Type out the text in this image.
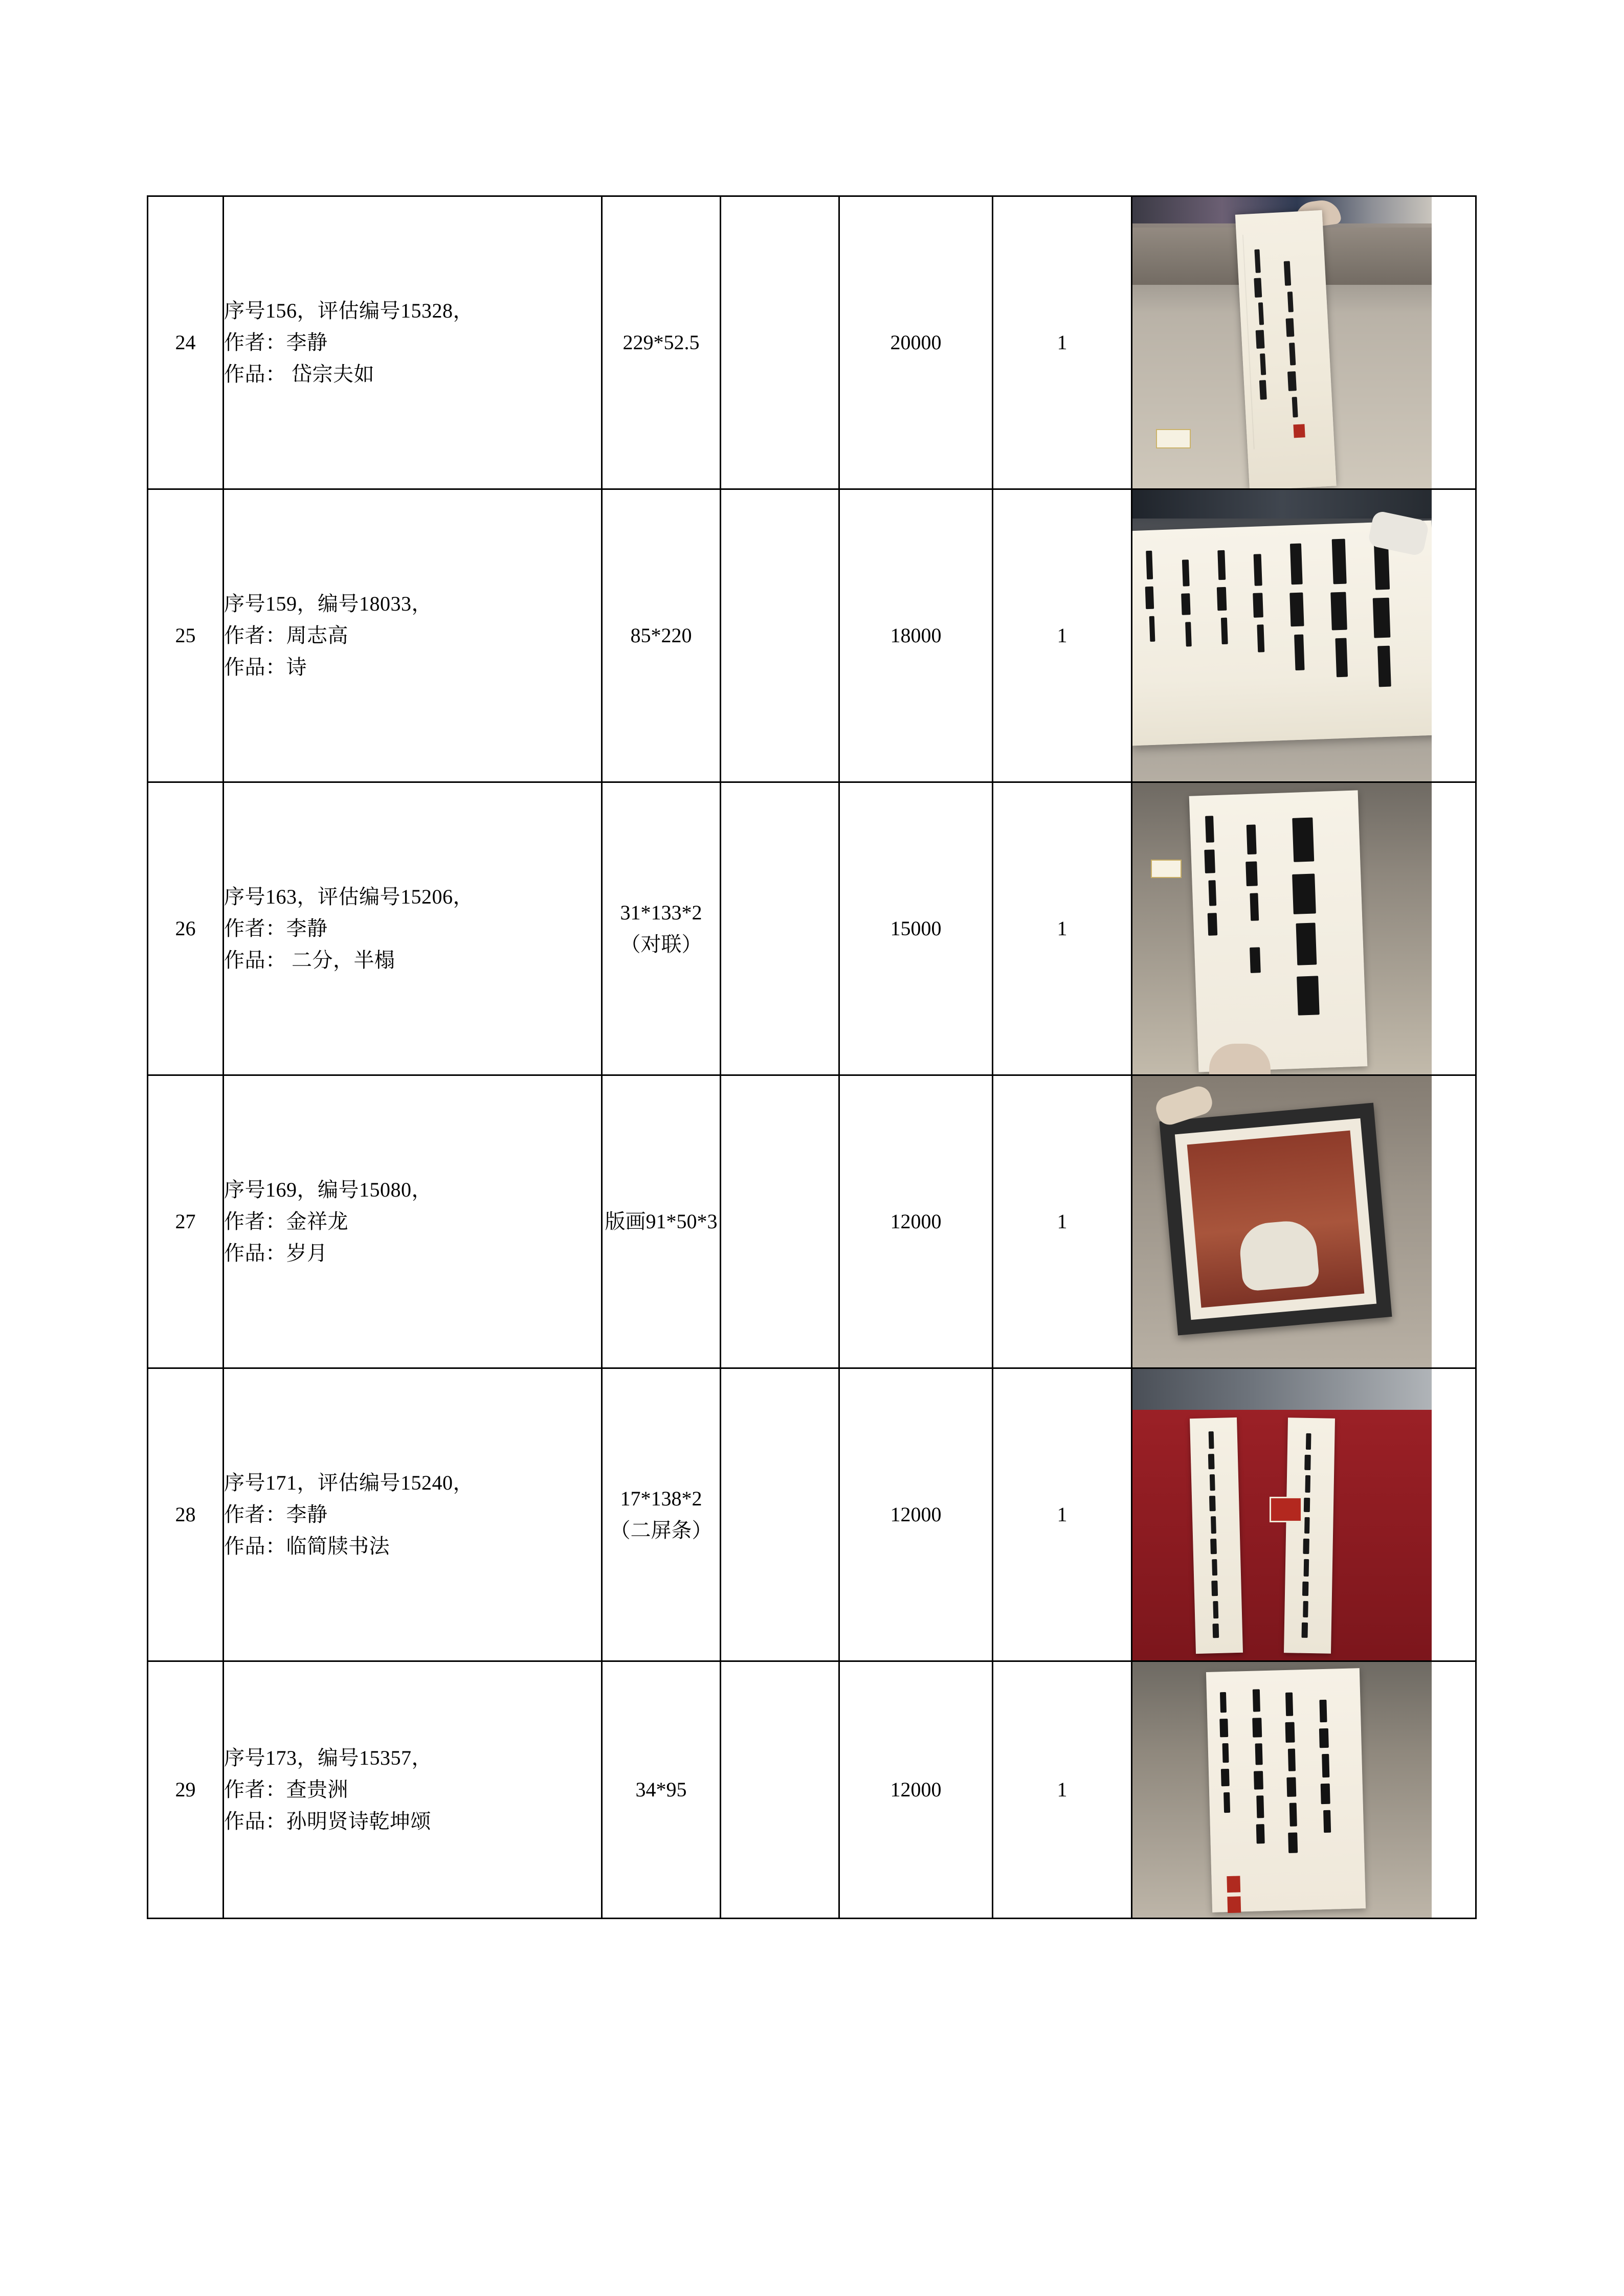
24	序号156，评估编号15328，
作者：李静
作品： 岱宗夫如	229*52.5		20000	1	

25	序号159，编号18033，
作者：周志高
作品：诗	85*220		18000	1	

26	序号163，评估编号15206，
作者：李静
作品： 二分，半榻	31*133*2（对联）		15000	1	

27	序号169，编号15080，
作者：金祥龙
作品：岁月	版画91*50*3		12000	1	

28	序号171，评估编号15240，
作者：李静
作品：临简牍书法	17*138*2（二屏条）		12000	1	

29	序号173，编号15357，
作者：查贵洲
作品：孙明贤诗乾坤颂	34*95		12000	1	
